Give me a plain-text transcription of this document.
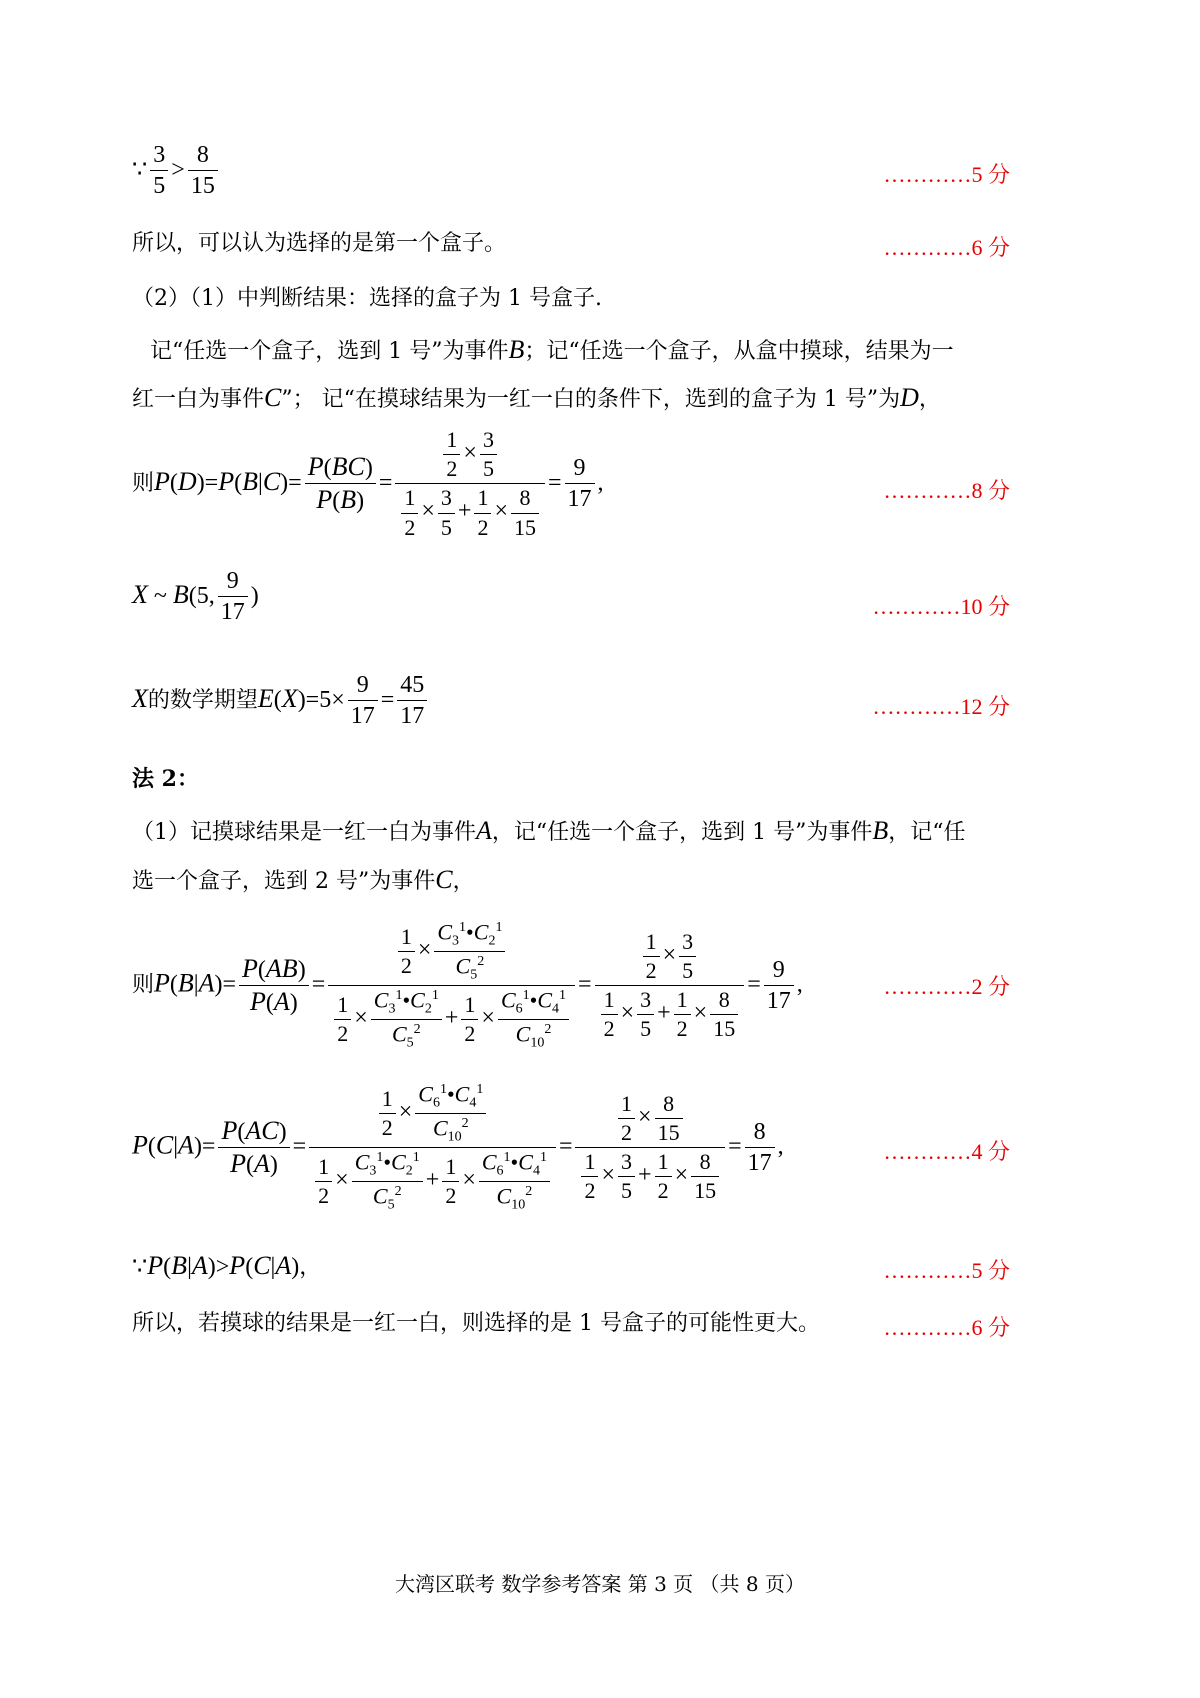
∵ $\frac{3}{5} > \frac{8}{15}$	…………5 分
所以，可以认为选择的是第一个盒子。	…………6 分
（2）（1）中判断结果：选择的盒子为 1 号盒子.
记“任选一个盒子，选到 1 号”为事件B；记“任选一个盒子，从盒中摸球，结果为一
红一白为事件C”； 记“在摸球结果为一红一白的条件下，选到的盒子为 1 号”为D，
则$P(D)=P(B|C)= \frac{P(BC)}{P(B)} = \frac{\frac{1}{2} \times \frac{3}{5}}{\frac{1}{2} \times \frac{3}{5} + \frac{1}{2} \times \frac{8}{15}} = \frac{9}{17}$ ,	…………8 分
X ~ B(5, $\frac{9}{17}$ )	…………10 分
X的数学期望$E(X)=5\times \frac{9}{17} = \frac{45}{17}$	…………12 分
法 2：
（1）记摸球结果是一红一白为事件A，记“任选一个盒子，选到 1 号”为事件B，记“任
选一个盒子，选到 2 号”为事件C，
则$P(B|A)= \frac{P(AB)}{P(A)} = \frac{\frac{1}{2} \times \frac{C_3^1•C_2^1}{C_5^2}}{\frac{1}{2} \times \frac{C_3^1•C_2^1}{C_5^2} + \frac{1}{2} \times \frac{C_6^1•C_4^1}{C_{10}^2}} = \frac{\frac{1}{2} \times \frac{3}{5}}{\frac{1}{2} \times \frac{3}{5} + \frac{1}{2} \times \frac{8}{15}} = \frac{9}{17}$ ,	…………2 分
$P(C|A)= \frac{P(AC)}{P(A)} = \frac{\frac{1}{2} \times \frac{C_6^1•C_4^1}{C_{10}^2}}{\frac{1}{2} \times \frac{C_3^1•C_2^1}{C_5^2} + \frac{1}{2} \times \frac{C_6^1•C_4^1}{C_{10}^2}} = \frac{\frac{1}{2} \times \frac{8}{15}}{\frac{1}{2} \times \frac{3}{5} + \frac{1}{2} \times \frac{8}{15}} = \frac{8}{17}$ ,	…………4 分
∵P(B|A)>P(C|A)，	…………5 分
所以，若摸球的结果是一红一白，则选择的是 1 号盒子的可能性更大。	…………6 分
大湾区联考 数学参考答案 第 3 页 （共 8 页）
